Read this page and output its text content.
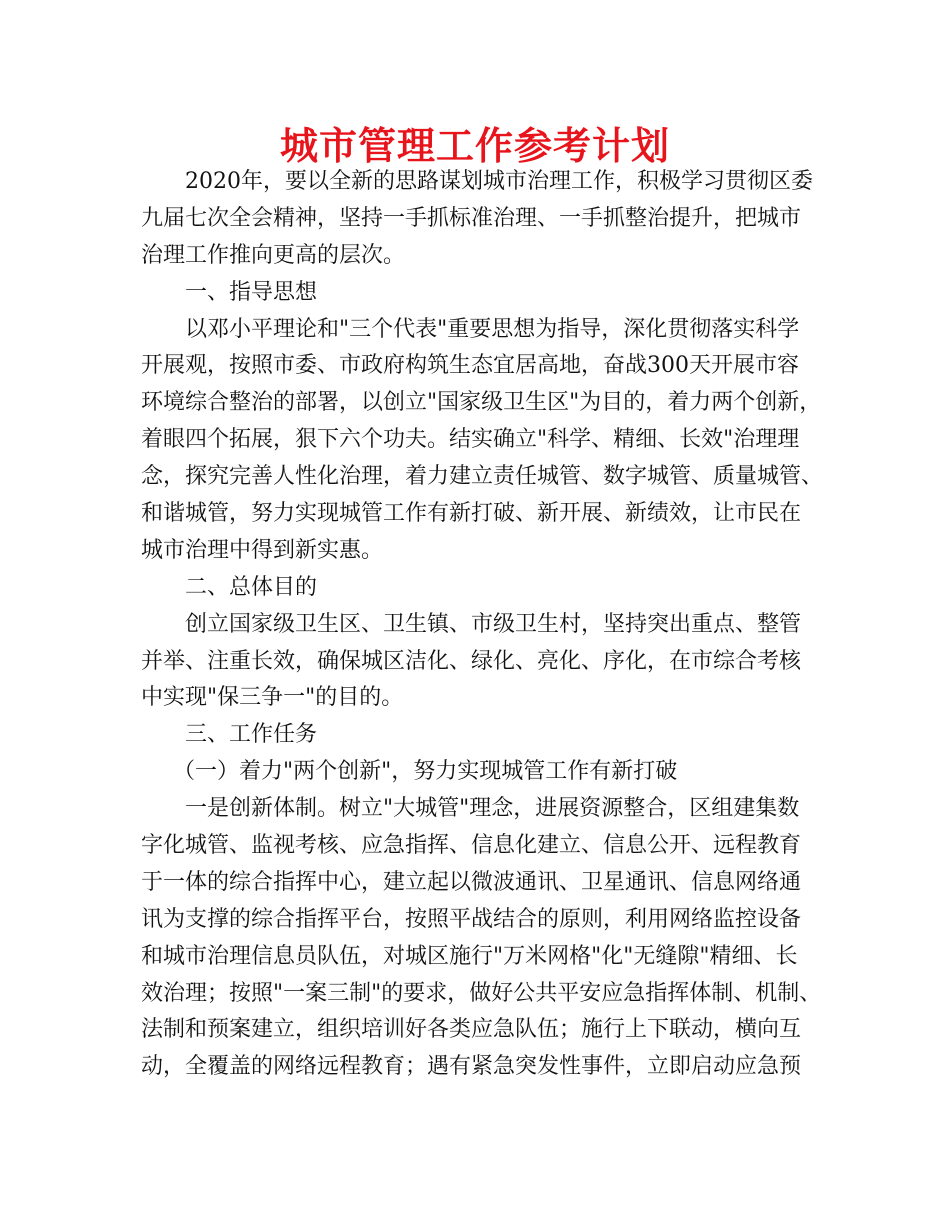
城市管理工作参考计划

2020年，要以全新的思路谋划城市治理工作，积极学习贯彻区委

九届七次全会精神，坚持一手抓标准治理、一手抓整治提升，把城市

治理工作推向更高的层次。

一、指导思想

以邓小平理论和"三个代表"重要思想为指导，深化贯彻落实科学

开展观，按照市委、市政府构筑生态宜居高地，奋战300天开展市容

环境综合整治的部署，以创立"国家级卫生区"为目的，着力两个创新，

着眼四个拓展，狠下六个功夫。结实确立"科学、精细、长效"治理理

念，探究完善人性化治理，着力建立责任城管、数字城管、质量城管、

和谐城管，努力实现城管工作有新打破、新开展、新绩效，让市民在

城市治理中得到新实惠。

二、总体目的

创立国家级卫生区、卫生镇、市级卫生村，坚持突出重点、整管

并举、注重长效，确保城区洁化、绿化、亮化、序化，在市综合考核

中实现"保三争一"的目的。

三、工作任务

（一）着力"两个创新"，努力实现城管工作有新打破

一是创新体制。树立"大城管"理念，进展资源整合，区组建集数

字化城管、监视考核、应急指挥、信息化建立、信息公开、远程教育

于一体的综合指挥中心，建立起以微波通讯、卫星通讯、信息网络通

讯为支撑的综合指挥平台，按照平战结合的原则，利用网络监控设备

和城市治理信息员队伍，对城区施行"万米网格"化"无缝隙"精细、长

效治理；按照"一案三制"的要求，做好公共平安应急指挥体制、机制、

法制和预案建立，组织培训好各类应急队伍；施行上下联动，横向互

动，全覆盖的网络远程教育；遇有紧急突发性事件，立即启动应急预
